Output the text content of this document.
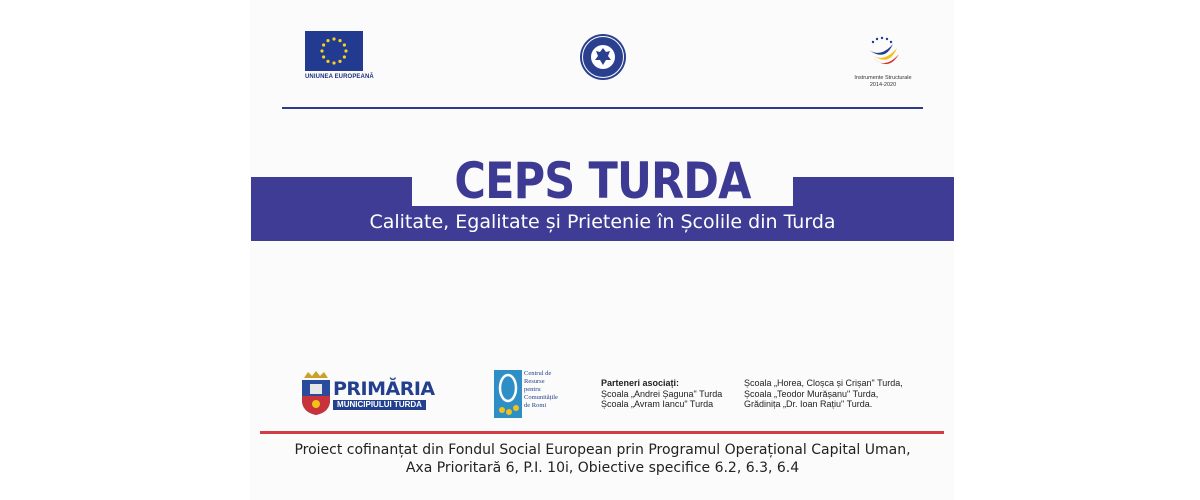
UNIUNEA EUROPEANĂ	Instrumente Structurale
2014-2020
CEPS TURDA
Calitate, Egalitate și Prietenie în Școlile din Turda
PRIMĂRIA
MUNICIPIULUI TURDA
Centrul de
Resurse
pentru
Comunitățile
de Romi
Parteneri asociați:
Școala „Andrei Șaguna" Turda
Școala „Avram Iancu" Turda
Școala „Horea, Cloșca și Crișan" Turda,
Școala „Teodor Murășanu" Turda,
Grădinița „Dr. Ioan Rațiu" Turda.
Proiect cofinanțat din Fondul Social European prin Programul Operațional Capital Uman,
Axa Prioritară 6, P.I. 10i, Obiective specifice 6.2, 6.3, 6.4
